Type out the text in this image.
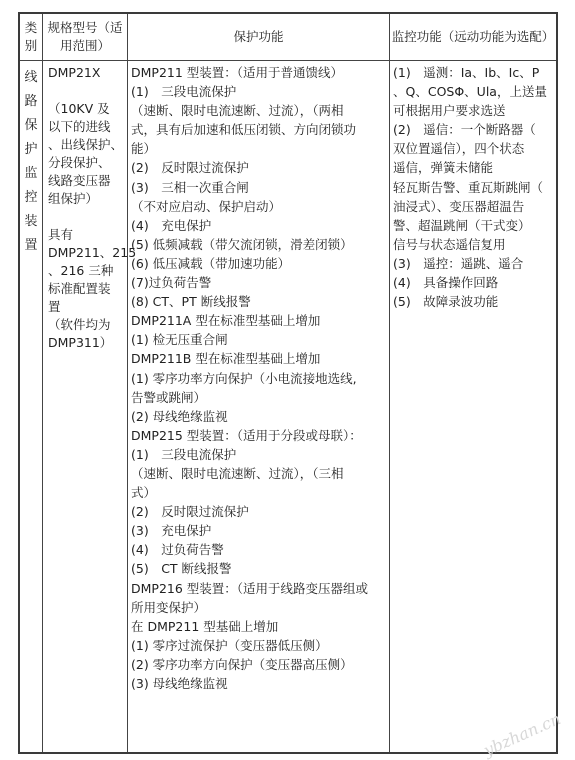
类别
规格型号（适用范围）
保护功能	监控功能（远动功能为选配）
线
路
保
护
监
控
装
置
DMP21X
（10KV 及
以下的进线
、出线保护、
分段保护、
线路变压器
组保护）
具有
DMP211、215
、216 三种
标准配置装
置
（软件均为
DMP311）
DMP211 型装置：（适用于普通馈线）
(1)　三段电流保护
（速断、限时电流速断、过流），（两相
式，具有后加速和低压闭锁、方向闭锁功
能）
(2)　反时限过流保护
(3)　三相一次重合闸
（不对应启动、保护启动）
(4)　充电保护
(5) 低频减载（带欠流闭锁，滑差闭锁）
(6) 低压减载（带加速功能）
(7)过负荷告警
(8) CT、PT 断线报警
DMP211A 型在标准型基础上增加
(1) 检无压重合闸
DMP211B 型在标准型基础上增加
(1) 零序功率方向保护（小电流接地选线,
告警或跳闸）
(2) 母线绝缘监视
DMP215 型装置：（适用于分段或母联）：
(1)　三段电流保护
（速断、限时电流速断、过流），（三相
式）
(2)　反时限过流保护
(3)　充电保护
(4)　过负荷告警
(5)　CT 断线报警
DMP216 型装置：（适用于线路变压器组或
所用变保护）
在 DMP211 型基础上增加
(1) 零序过流保护（变压器低压侧）
(2) 零序功率方向保护（变压器高压侧）
(3) 母线绝缘监视
(1)　遥测：Ia、Ib、Ic、P
、Q、COSΦ、Ula，上送量
可根据用户要求选送
(2)　遥信：一个断路器（
双位置遥信），四个状态
遥信，弹簧未储能
轻瓦斯告警、重瓦斯跳闸（
油浸式）、变压器超温告
警、超温跳闸（干式变）
信号与状态遥信复用
(3)　遥控：遥跳、遥合
(4)　具备操作回路
(5)　故障录波功能
ybzhan.cn
